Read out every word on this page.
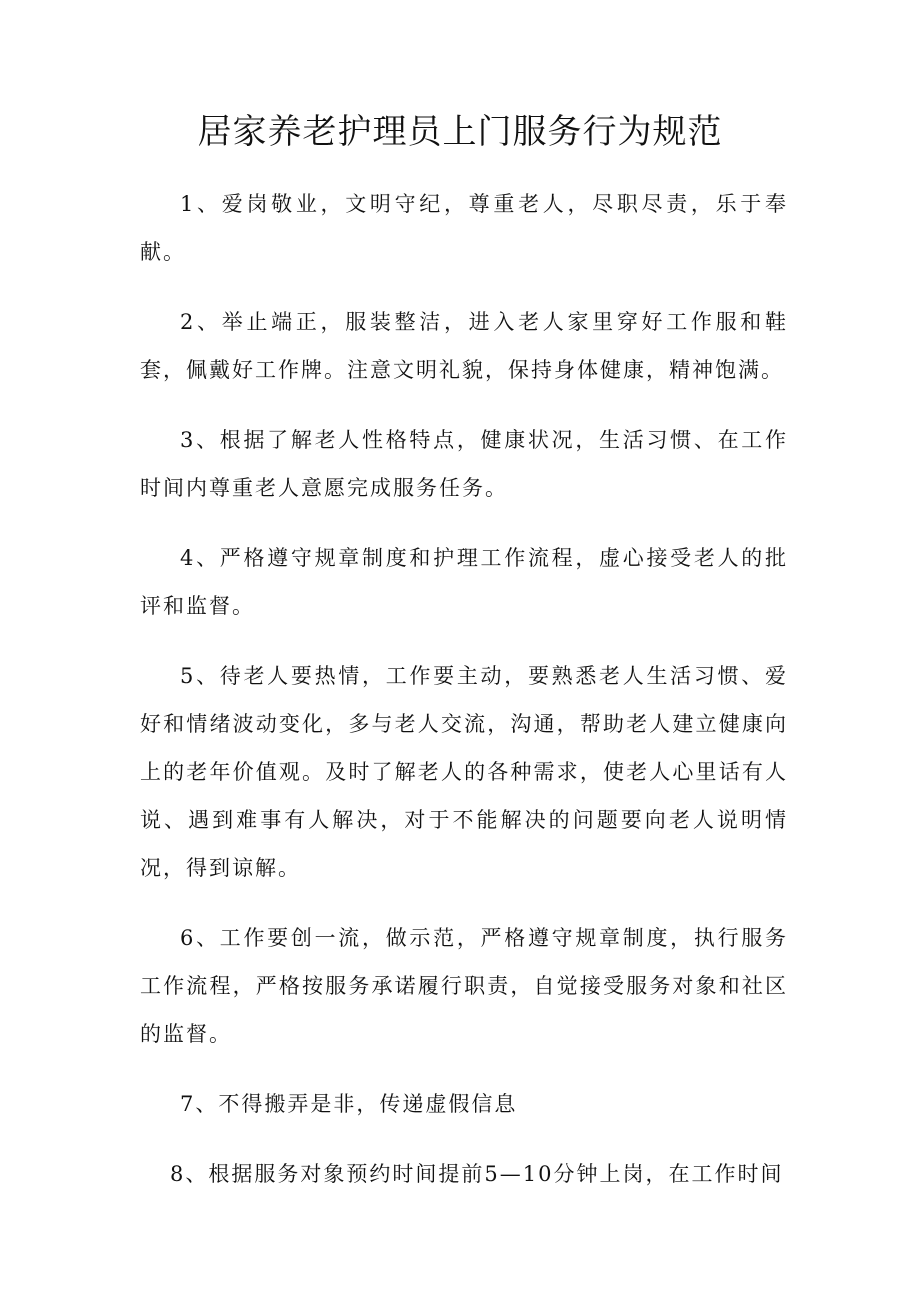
居家养老护理员上门服务行为规范

1、爱岗敬业，文明守纪，尊重老人，尽职尽责，乐于奉献。

2、举止端正，服装整洁，进入老人家里穿好工作服和鞋套，佩戴好工作牌。注意文明礼貌，保持身体健康，精神饱满。

3、根据了解老人性格特点，健康状况，生活习惯、在工作时间内尊重老人意愿完成服务任务。

4、严格遵守规章制度和护理工作流程，虚心接受老人的批评和监督。

5、待老人要热情，工作要主动，要熟悉老人生活习惯、爱好和情绪波动变化，多与老人交流，沟通，帮助老人建立健康向上的老年价值观。及时了解老人的各种需求，使老人心里话有人说、遇到难事有人解决，对于不能解决的问题要向老人说明情况，得到谅解。

6、工作要创一流，做示范，严格遵守规章制度，执行服务工作流程，严格按服务承诺履行职责，自觉接受服务对象和社区的监督。

7、不得搬弄是非，传递虚假信息

8、根据服务对象预约时间提前5—10分钟上岗，在工作时间
